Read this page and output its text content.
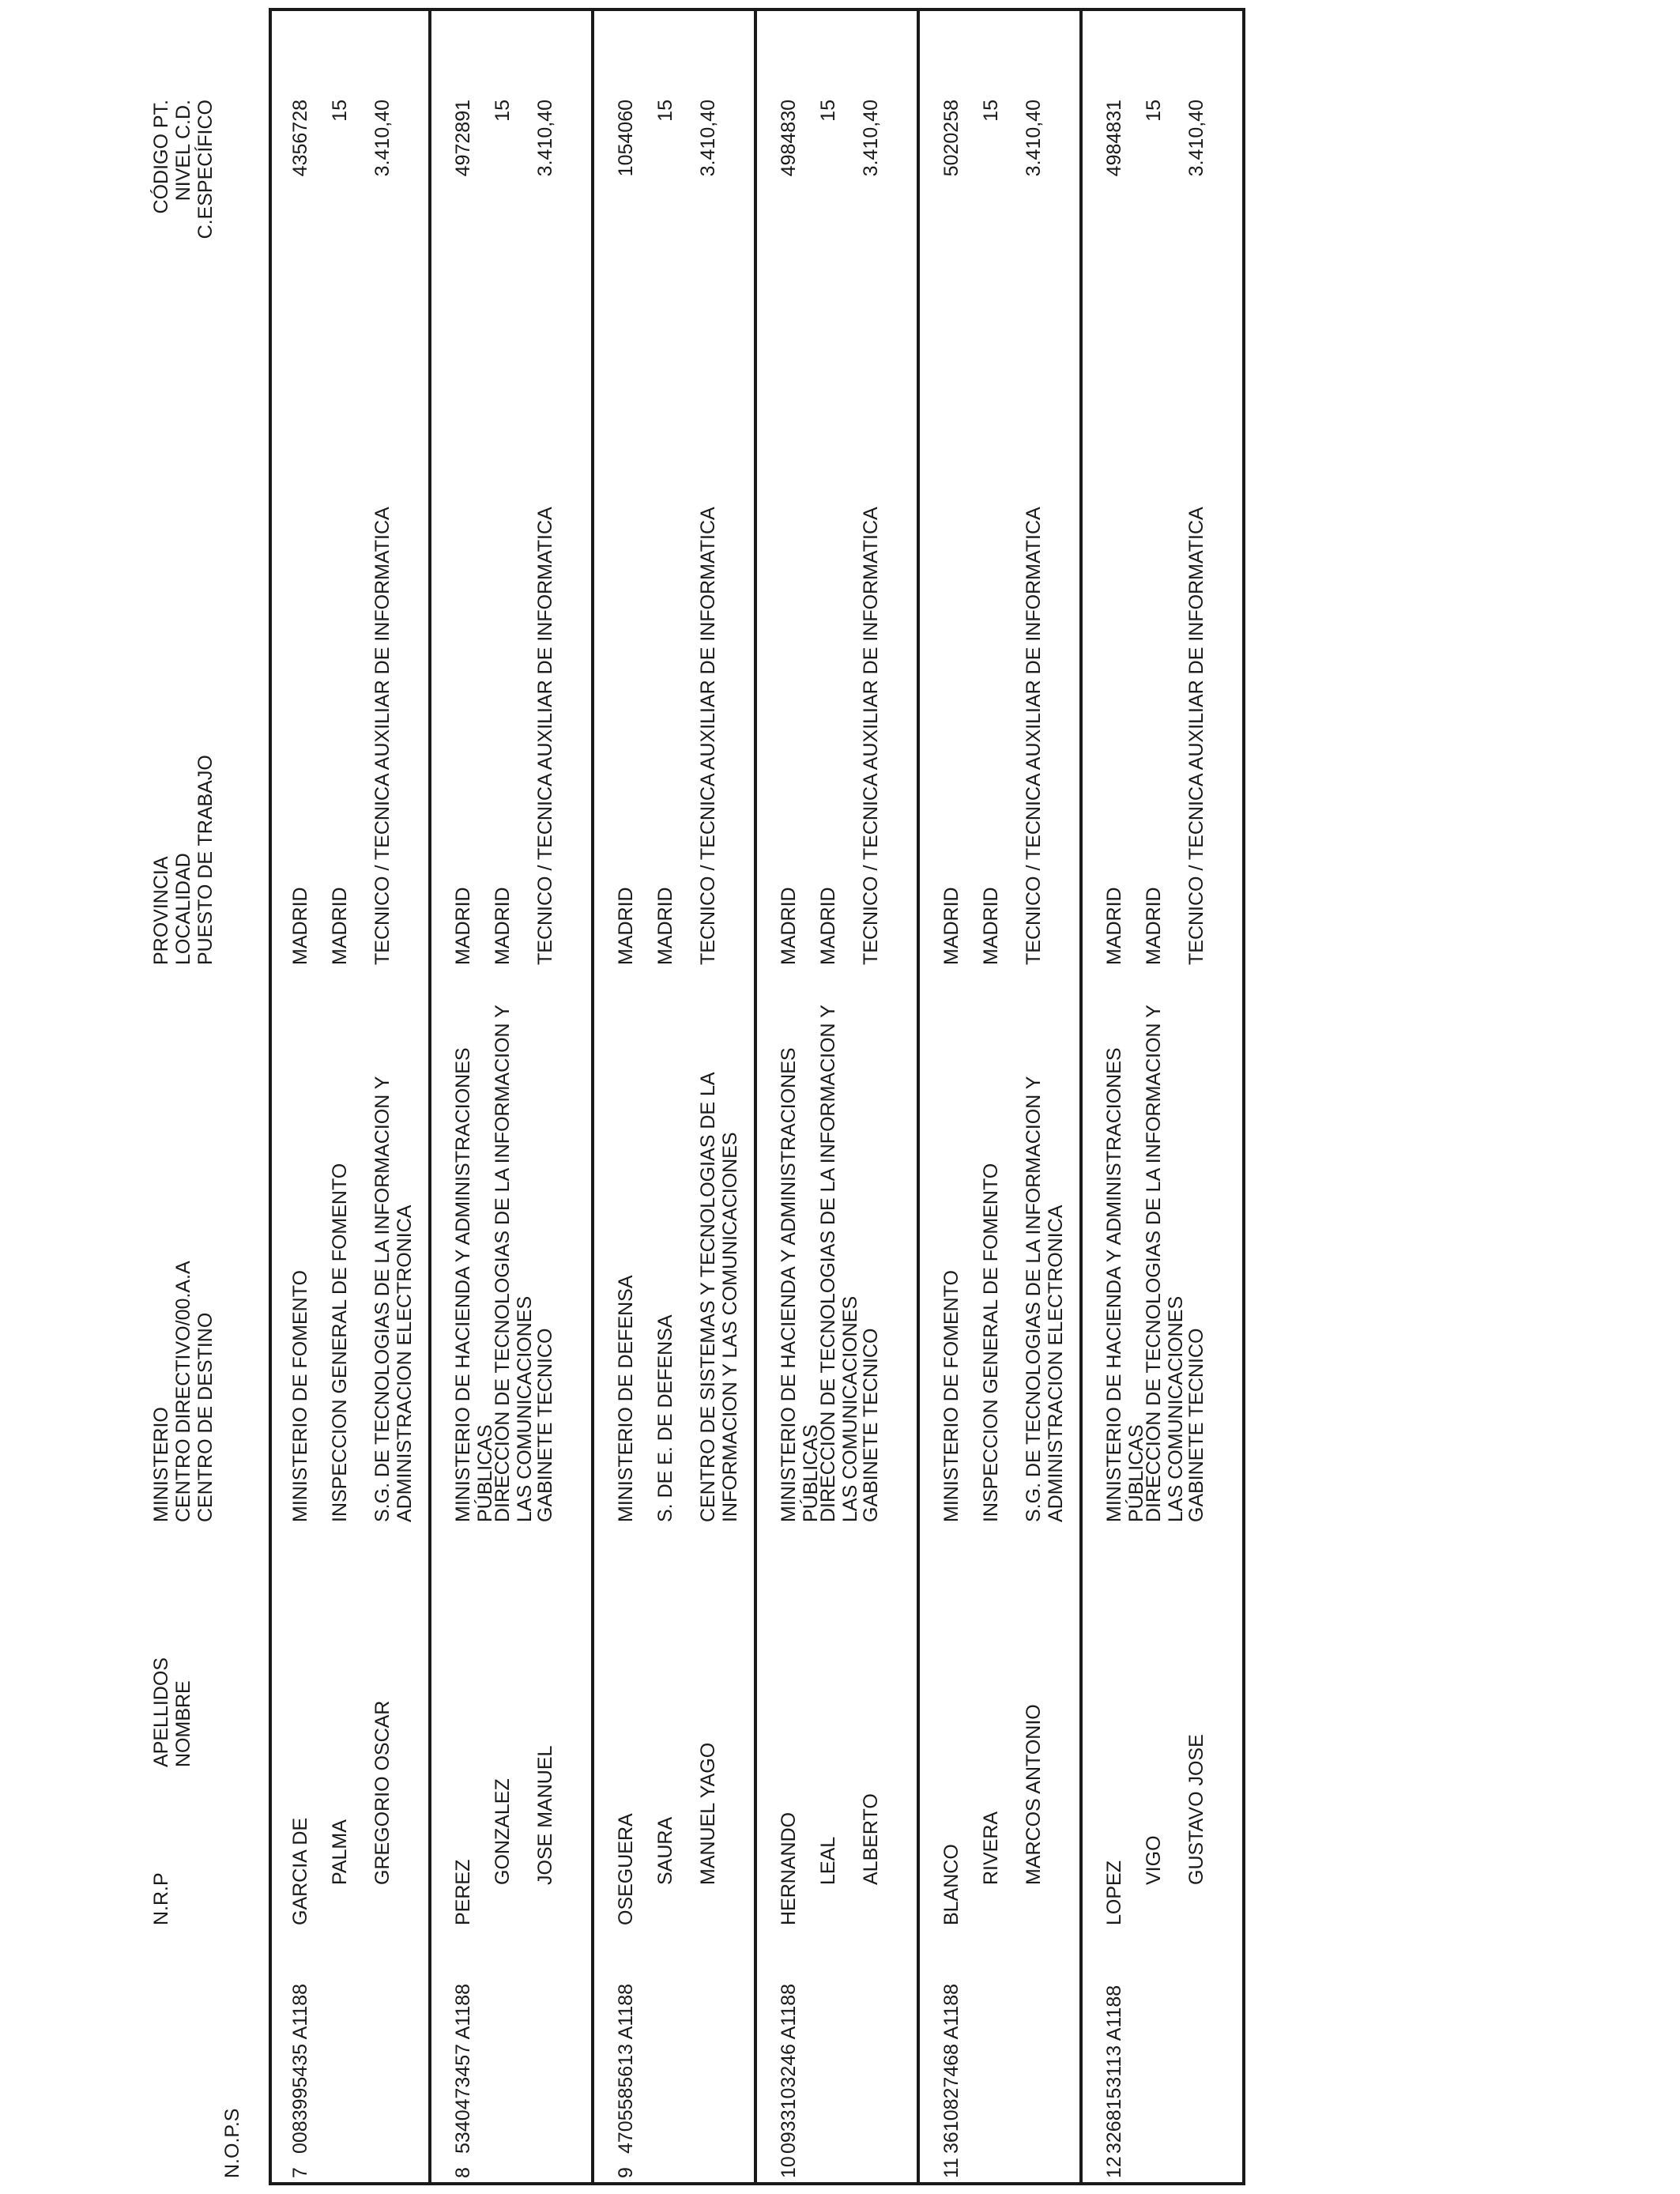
N.O.P.S
N.R.P
APELLIDOS
NOMBRE
MINISTERIO
CENTRO DIRECTIVO/00.A.A
CENTRO DE DESTINO
PROVINCIA
LOCALIDAD
PUESTO DE TRABAJO
CÓDIGO PT.
NIVEL C.D.
C.ESPECÍFICO
7
0083995435 A1188
GARCIA DE PALMA GREGORIO OSCAR
MINISTERIO DE FOMENTO INSPECCION GENERAL DE FOMENTO S.G. DE TECNOLOGIAS DE LA INFORMACION Y ADMINISTRACION ELECTRONICA
MADRID MADRID TECNICO / TECNICA AUXILIAR DE INFORMATICA
4356728 15 3.410,40
8
5340473457 A1188
PEREZ
GONZALEZ JOSE MANUEL
MINISTERIO DE HACIENDA Y ADMINISTRACIONES PÚBLICAS
DIRECCION DE TECNOLOGIAS DE LA INFORMACION Y LAS COMUNICACIONES
GABINETE TECNICO
MADRID MADRID TECNICO / TECNICA AUXILIAR DE INFORMATICA
4972891 15 3.410,40
9
4705585613 A1188
OSEGUERA SAURA MANUEL YAGO
MINISTERIO DE DEFENSA S. DE E. DE DEFENSA CENTRO DE SISTEMAS Y TECNOLOGIAS DE LA INFORMACION Y LAS COMUNICACIONES
MADRID MADRID TECNICO / TECNICA AUXILIAR DE INFORMATICA
1054060 15 3.410,40
10
0933103246 A1188
HERNANDO LEAL ALBERTO
MINISTERIO DE HACIENDA Y ADMINISTRACIONES PÚBLICAS
DIRECCION DE TECNOLOGIAS DE LA INFORMACION Y LAS COMUNICACIONES
GABINETE TECNICO
MADRID MADRID TECNICO / TECNICA AUXILIAR DE INFORMATICA
4984830 15 3.410,40
11
3610827468 A1188
BLANCO RIVERA MARCOS ANTONIO
MINISTERIO DE FOMENTO INSPECCION GENERAL DE FOMENTO S.G. DE TECNOLOGIAS DE LA INFORMACION Y ADMINISTRACION ELECTRONICA
MADRID MADRID TECNICO / TECNICA AUXILIAR DE INFORMATICA
5020258 15 3.410,40
12
3268153113 A1188
LOPEZ
VIGO GUSTAVO JOSE
MINISTERIO DE HACIENDA Y ADMINISTRACIONES PÚBLICAS
DIRECCION DE TECNOLOGIAS DE LA INFORMACION Y LAS COMUNICACIONES
GABINETE TECNICO
MADRID MADRID TECNICO / TECNICA AUXILIAR DE INFORMATICA
4984831 15 3.410,40
